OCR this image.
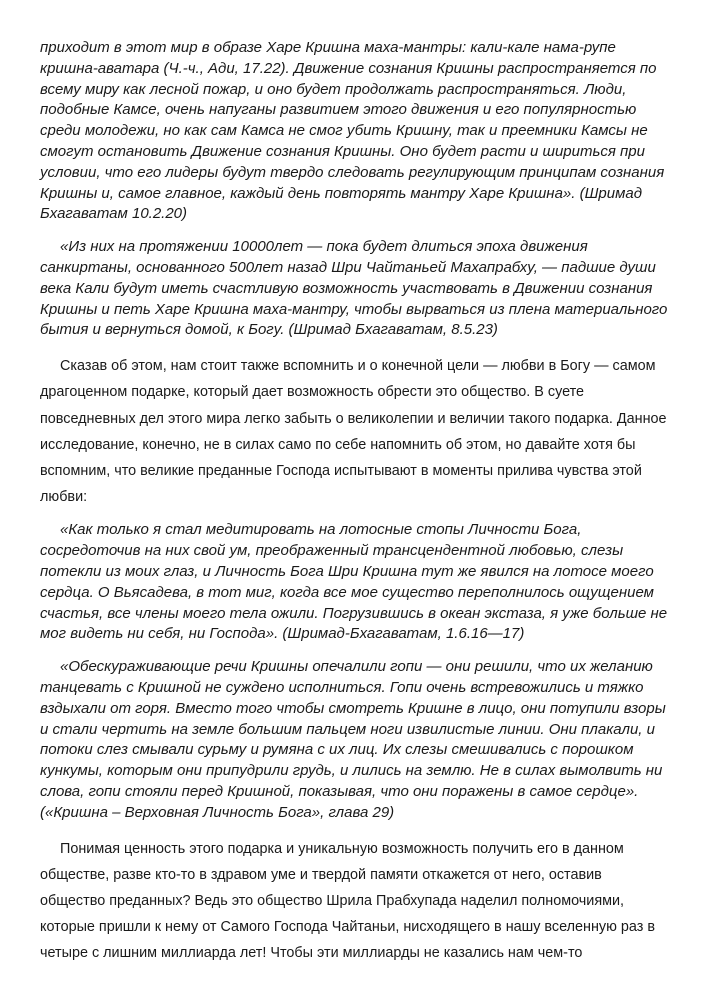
приходит в этот мир в образе Харе Кришна маха-мантры: кали-кале нама-рупе кришна-аватара (Ч.-ч., Ади, 17.22). Движение сознания Кришны распространяется по всему миру как лесной пожар, и оно будет продолжать распространяться. Люди, подобные Камсе, очень напуганы развитием этого движения и его популярностью среди молодежи, но как сам Камса не смог убить Кришну, так и преемники Камсы не смогут остановить Движение сознания Кришны. Оно будет расти и шириться при условии, что его лидеры будут твердо следовать регулирующим принципам сознания Кришны и, самое главное, каждый день повторять мантру Харе Кришна». (Шримад Бхагаватам 10.2.20)

«Из них на протяжении 10000лет — пока будет длиться эпоха движения санкиртаны, основанного 500лет назад Шри Чайтаньей Махапрабху, — падшие души века Кали будут иметь счастливую возможность участвовать в Движении сознания Кришны и петь Харе Кришна маха-мантру, чтобы вырваться из плена материального бытия и вернуться домой, к Богу. (Шримад Бхагаватам, 8.5.23)

Сказав об этом, нам стоит также вспомнить и о конечной цели — любви в Богу — самом драгоценном подарке, который дает возможность обрести это общество. В суете повседневных дел этого мира легко забыть о великолепии и величии такого подарка. Данное исследование, конечно, не в силах само по себе напомнить об этом, но давайте хотя бы вспомним, что великие преданные Господа испытывают в моменты прилива чувства этой любви:

«Как только я стал медитировать на лотосные стопы Личности Бога, сосредоточив на них свой ум, преображенный трансцендентной любовью, слезы потекли из моих глаз, и Личность Бога Шри Кришна тут же явился на лотосе моего сердца. О Вьясадева, в тот миг, когда все мое существо переполнилось ощущением счастья, все члены моего тела ожили. Погрузившись в океан экстаза, я уже больше не мог видеть ни себя, ни Господа». (Шримад-Бхагаватам, 1.6.16—17)

«Обескураживающие речи Кришны опечалили гопи — они решили, что их желанию танцевать с Кришной не суждено исполниться. Гопи очень встревожились и тяжко вздыхали от горя. Вместо того чтобы смотреть Кришне в лицо, они потупили взоры и стали чертить на земле большим пальцем ноги извилистые линии. Они плакали, и потоки слез смывали сурьму и румяна с их лиц. Их слезы смешивались с порошком кункумы, которым они припудрили грудь, и лились на землю. Не в силах вымолвить ни слова, гопи стояли перед Кришной, показывая, что они поражены в самое сердце». («Кришна – Верховная Личность Бога», глава 29)

Понимая ценность этого подарка и уникальную возможность получить его в данном обществе, разве кто-то в здравом уме и твердой памяти откажется от него, оставив общество преданных? Ведь это общество Шрила Прабхупада наделил полномочиями, которые пришли к нему от Самого Господа Чайтаньи, нисходящего в нашу вселенную раз в четыре с лишним миллиарда лет! Чтобы эти миллиарды не казались нам чем-то
